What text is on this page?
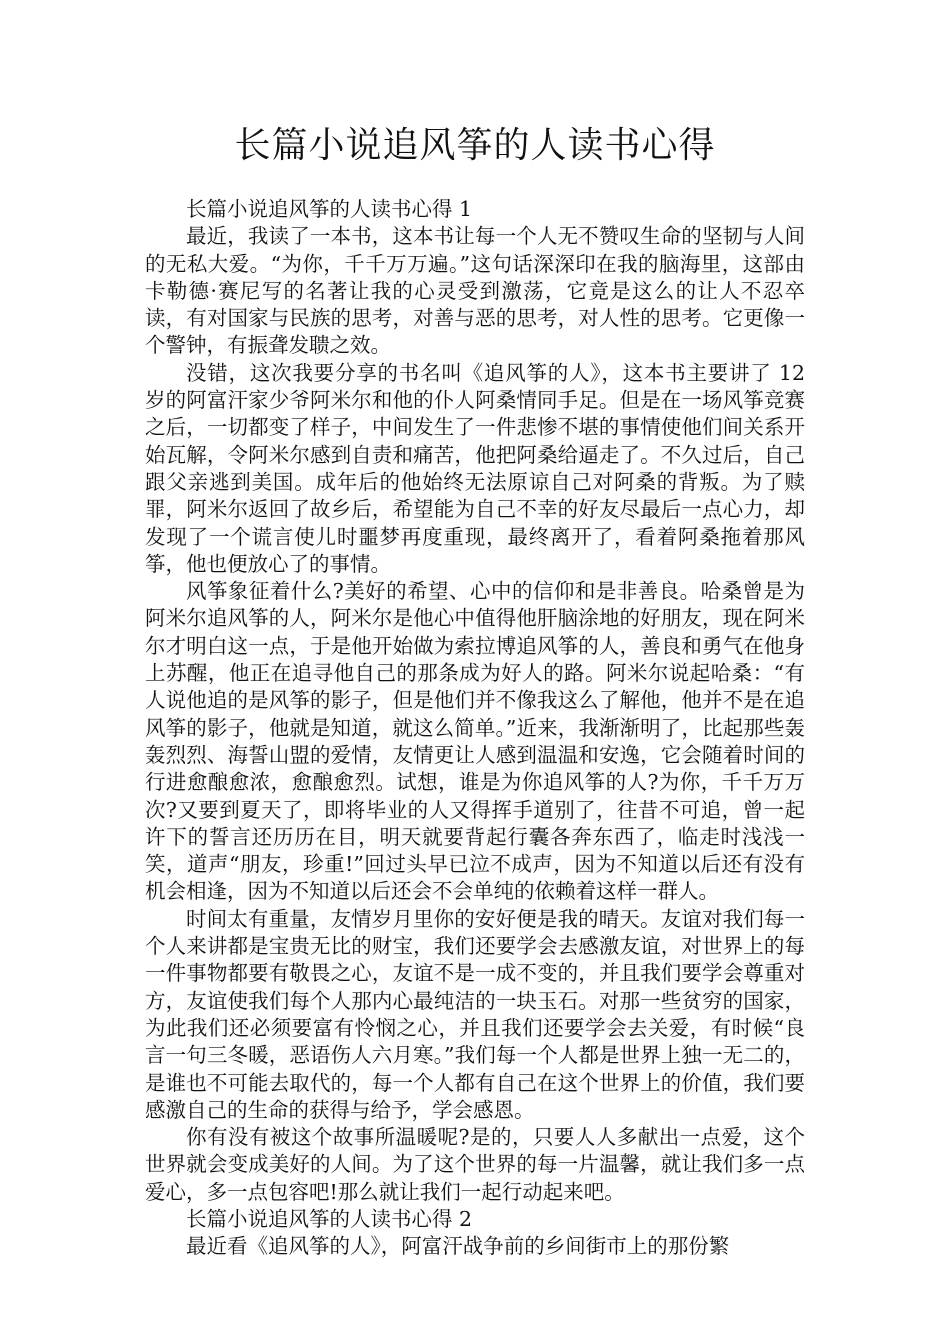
长篇小说追风筝的人读书心得

长篇小说追风筝的人读书心得 1

最近，我读了一本书，这本书让每一个人无不赞叹生命的坚韧与人间的无私大爱。“为你，千千万万遍。”这句话深深印在我的脑海里，这部由卡勒德·赛尼写的名著让我的心灵受到激荡，它竟是这么的让人不忍卒读，有对国家与民族的思考，对善与恶的思考，对人性的思考。它更像一个警钟，有振聋发聩之效。

没错，这次我要分享的书名叫《追风筝的人》，这本书主要讲了 12 岁的阿富汗家少爷阿米尔和他的仆人阿桑情同手足。但是在一场风筝竞赛之后，一切都变了样子，中间发生了一件悲惨不堪的事情使他们间关系开始瓦解，令阿米尔感到自责和痛苦，他把阿桑给逼走了。不久过后，自己跟父亲逃到美国。成年后的他始终无法原谅自己对阿桑的背叛。为了赎罪，阿米尔返回了故乡后，希望能为自己不幸的好友尽最后一点心力，却发现了一个谎言使儿时噩梦再度重现，最终离开了，看着阿桑拖着那风筝，他也便放心了的事情。

风筝象征着什么?美好的希望、心中的信仰和是非善良。哈桑曾是为阿米尔追风筝的人，阿米尔是他心中值得他肝脑涂地的好朋友，现在阿米尔才明白这一点，于是他开始做为索拉博追风筝的人，善良和勇气在他身上苏醒，他正在追寻他自己的那条成为好人的路。阿米尔说起哈桑：“有人说他追的是风筝的影子，但是他们并不像我这么了解他，他并不是在追风筝的影子，他就是知道，就这么简单。”近来，我渐渐明了，比起那些轰轰烈烈、海誓山盟的爱情，友情更让人感到温温和安逸，它会随着时间的行进愈酿愈浓，愈酿愈烈。试想，谁是为你追风筝的人?为你，千千万万次?又要到夏天了，即将毕业的人又得挥手道别了，往昔不可追，曾一起许下的誓言还历历在目，明天就要背起行囊各奔东西了，临走时浅浅一笑，道声“朋友，珍重!”回过头早已泣不成声，因为不知道以后还有没有机会相逢，因为不知道以后还会不会单纯的依赖着这样一群人。

时间太有重量，友情岁月里你的安好便是我的晴天。友谊对我们每一个人来讲都是宝贵无比的财宝，我们还要学会去感激友谊，对世界上的每一件事物都要有敬畏之心，友谊不是一成不变的，并且我们要学会尊重对方，友谊使我们每个人那内心最纯洁的一块玉石。对那一些贫穷的国家，为此我们还必须要富有怜悯之心，并且我们还要学会去关爱，有时候“良言一句三冬暖，恶语伤人六月寒。”我们每一个人都是世界上独一无二的，是谁也不可能去取代的，每一个人都有自己在这个世界上的价值，我们要感激自己的生命的获得与给予，学会感恩。

你有没有被这个故事所温暖呢?是的，只要人人多献出一点爱，这个世界就会变成美好的人间。为了这个世界的每一片温馨，就让我们多一点爱心，多一点包容吧!那么就让我们一起行动起来吧。

长篇小说追风筝的人读书心得 2

最近看《追风筝的人》，阿富汗战争前的乡间街市上的那份繁
